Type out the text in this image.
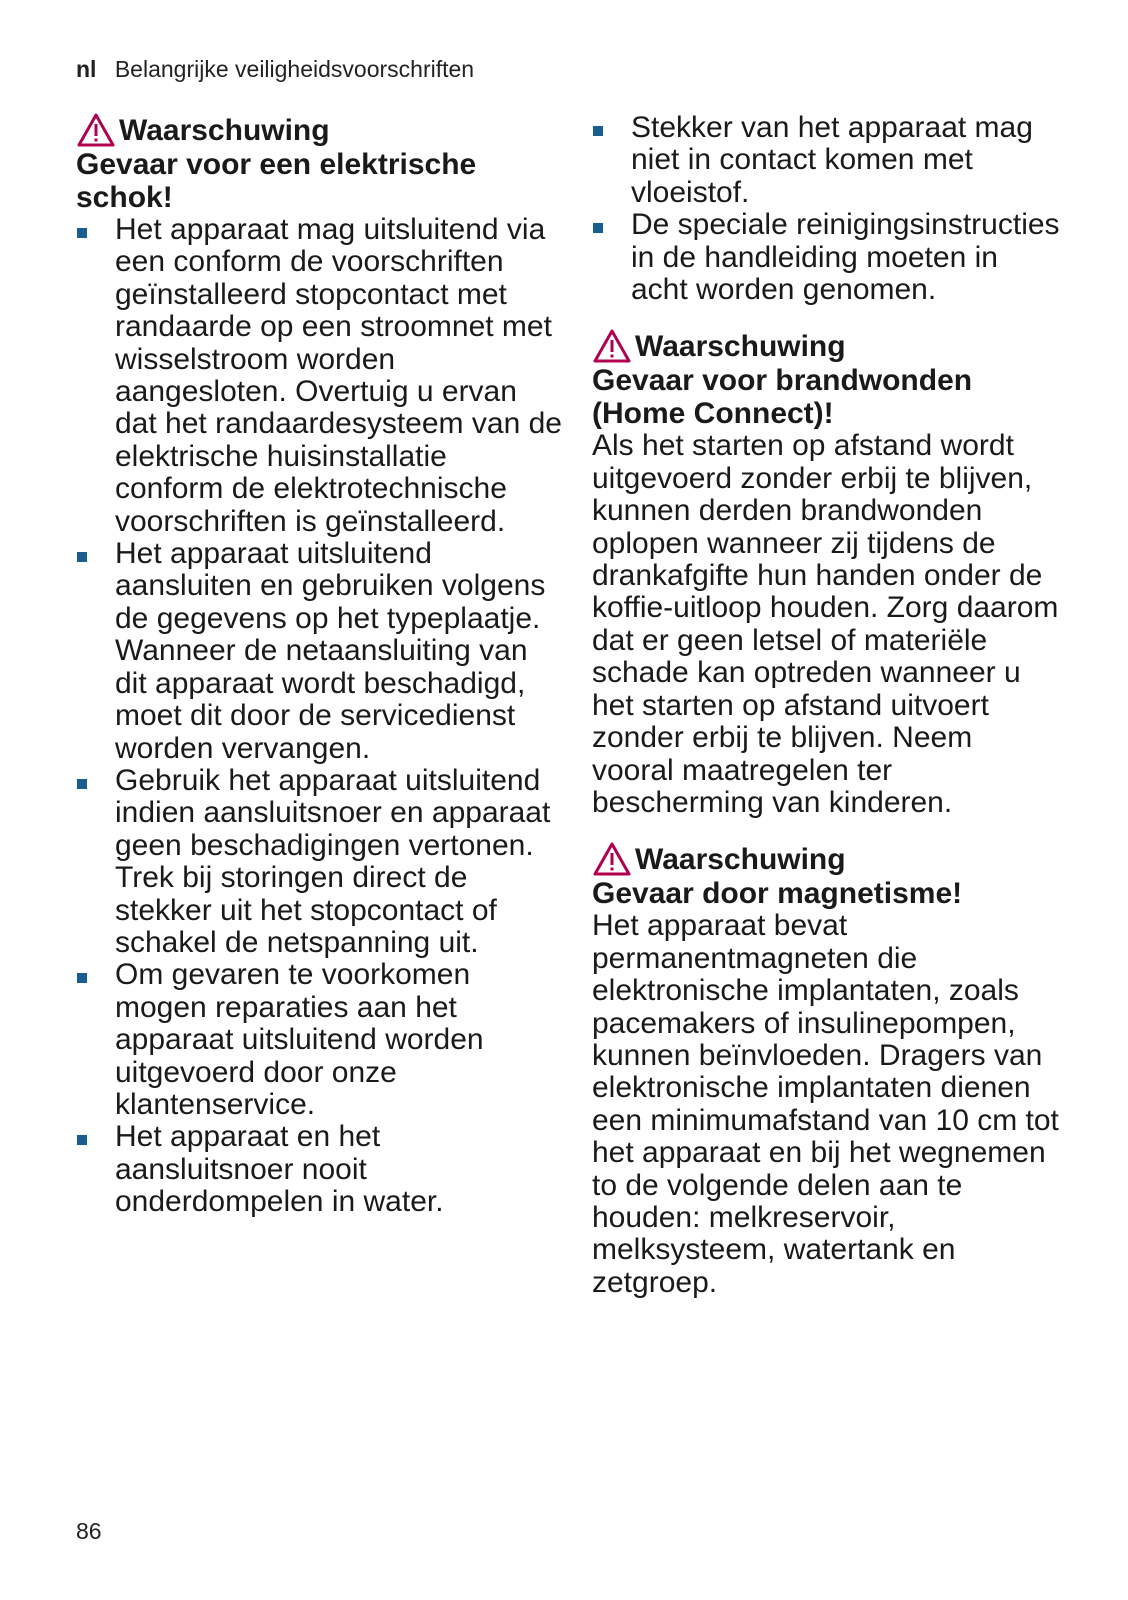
nl Belangrijke veiligheidsvoorschriften
Waarschuwing
Gevaar voor een elektrische
schok!
Het apparaat mag uitsluitend via een conform de voorschriften geïnstalleerd stopcontact met randaarde op een stroomnet met wisselstroom worden aangesloten. Overtuig u ervan dat het randaardesysteem van de elektrische huisinstallatie conform de elektrotechnische voorschriften is geïnstalleerd.
Het apparaat uitsluitend aansluiten en gebruiken volgens de gegevens op het typeplaatje. Wanneer de netaansluiting van dit apparaat wordt beschadigd, moet dit door de servicedienst worden vervangen.
Gebruik het apparaat uitsluitend indien aansluitsnoer en apparaat geen beschadigingen vertonen. Trek bij storingen direct de stekker uit het stopcontact of schakel de netspanning uit.
Om gevaren te voorkomen mogen reparaties aan het apparaat uitsluitend worden uitgevoerd door onze klantenservice.
Het apparaat en het aansluitsnoer nooit onderdompelen in water.
Stekker van het apparaat mag niet in contact komen met vloeistof.
De speciale reinigingsinstructies in de handleiding moeten in acht worden genomen.
Waarschuwing
Gevaar voor brandwonden
(Home Connect)!
Als het starten op afstand wordt uitgevoerd zonder erbij te blijven, kunnen derden brandwonden oplopen wanneer zij tijdens de drankafgifte hun handen onder de koffie-uitloop houden. Zorg daarom dat er geen letsel of materiële schade kan optreden wanneer u het starten op afstand uitvoert zonder erbij te blijven. Neem vooral maatregelen ter bescherming van kinderen.
Waarschuwing
Gevaar door magnetisme!
Het apparaat bevat permanentmagneten die elektronische implantaten, zoals pacemakers of insulinepompen, kunnen beïnvloeden. Dragers van elektronische implantaten dienen een minimumafstand van 10 cm tot het apparaat en bij het wegnemen to de volgende delen aan te houden: melkreservoir, melksysteem, watertank en zetgroep.
86
